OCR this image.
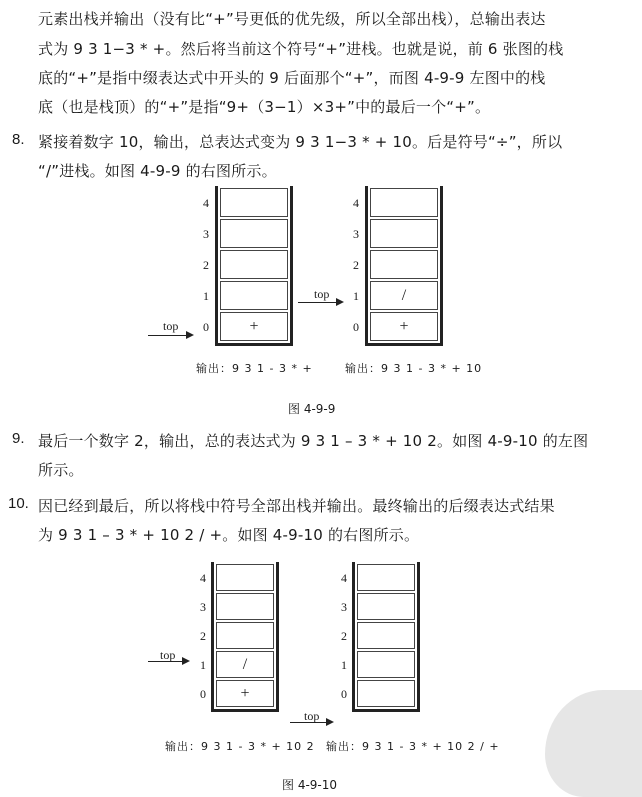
元素出栈并输出（没有比“+”号更低的优先级，所以全部出栈），总输出表达
式为 9 3 1−3 * +。然后将当前这个符号“+”进栈。也就是说，前 6 张图的栈
底的“+”是指中缀表达式中开头的 9 后面那个“+”，而图 4-9-9 左图中的栈
底（也是栈顶）的“+”是指“9+（3−1）×3+”中的最后一个“+”。
8. 紧接着数字 10，输出，总表达式变为 9 3 1−3 * + 10。后是符号“÷”，所以
“/”进栈。如图 4-9-9 的右图所示。
9. 最后一个数字 2，输出，总的表达式为 9 3 1 – 3 * + 10 2。如图 4-9-10 的左图
所示。
10. 因已经到最后，所以将栈中符号全部出栈并输出。最终输出的后缀表达式结果
为 9 3 1 – 3 * + 10 2 / +。如图 4-9-10 的右图所示。
图 4-9-9
图 4-9-10
4
3
2
1
0	+
top
输出：9 3 1 - 3 * +
4
3
2
1
0
/
+
top
输出：9 3 1 - 3 * + 10
4
3
2
1
0
/
+
top
输出：9 3 1 - 3 * + 10 2
4
3
2
1
0
top
输出：9 3 1 - 3 * + 10 2 / +
